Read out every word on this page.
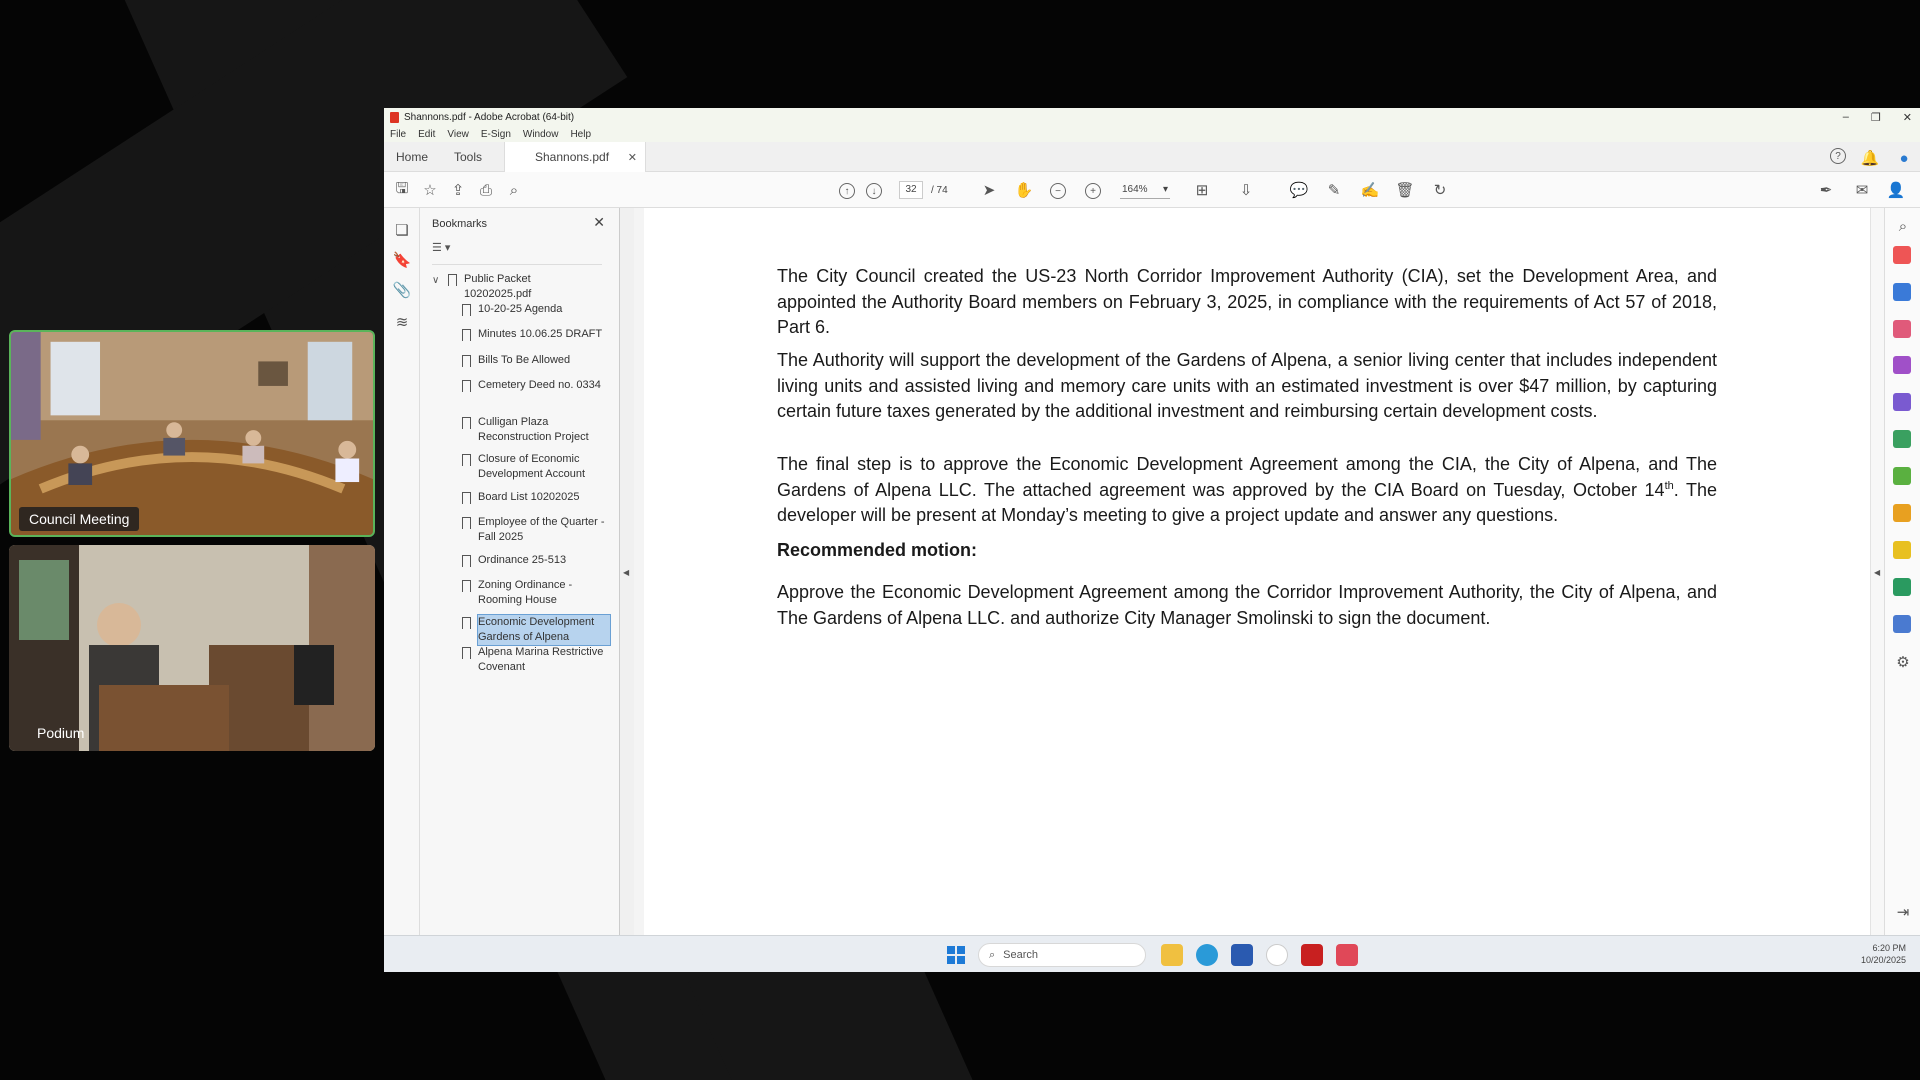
Council Meeting
Podium
Shannons.pdf - Adobe Acrobat (64-bit)	– ❐ ✕
File Edit View E-Sign Window Help
Home Tools	Shannons.pdf ✕	?	🔔	●
🖫 ☆ ⇪ ⎙	⌕	↑	↓	32	/ 74 ➤ ✋	−	+	164% ▾ ⊞ ⇩ 💬 ✎ ✍ 🗑 ↻	✒ ✉ 👤
❏
🔖
📎
≋
Bookmarks	✕
☰ ▾
∨ Public Packet 10202025.pdf
10-20-25 Agenda
Minutes 10.06.25 DRAFT
Bills To Be Allowed
Cemetery Deed no. 0334
Culligan Plaza Reconstruction Project
Closure of Economic Development Account
Board List 10202025
Employee of the Quarter - Fall 2025
Ordinance 25-513
Zoning Ordinance -Rooming House
Economic Development Gardens of Alpena
Alpena Marina Restrictive Covenant
◀

The City Council created the US-23 North Corridor Improvement Authority (CIA), set the Development Area, and appointed the Authority Board members on February 3, 2025, in compliance with the requirements of Act 57 of 2018, Part 6.

The Authority will support the development of the Gardens of Alpena, a senior living center that includes independent living units and assisted living and memory care units with an estimated investment is over $47 million, by capturing certain future taxes generated by the additional investment and reimbursing certain development costs.

The final step is to approve the Economic Development Agreement among the CIA, the City of Alpena, and The Gardens of Alpena LLC. The attached agreement was approved by the CIA Board on Tuesday, October 14th. The developer will be present at Monday’s meeting to give a project update and answer any questions.

Recommended motion:

Approve the Economic Development Agreement among the Corridor Improvement Authority, the City of Alpena, and The Gardens of Alpena LLC. and authorize City Manager Smolinski to sign the document.

◀
⌕
⚙
⇥
⌕ Search
6:20 PM
10/20/2025
